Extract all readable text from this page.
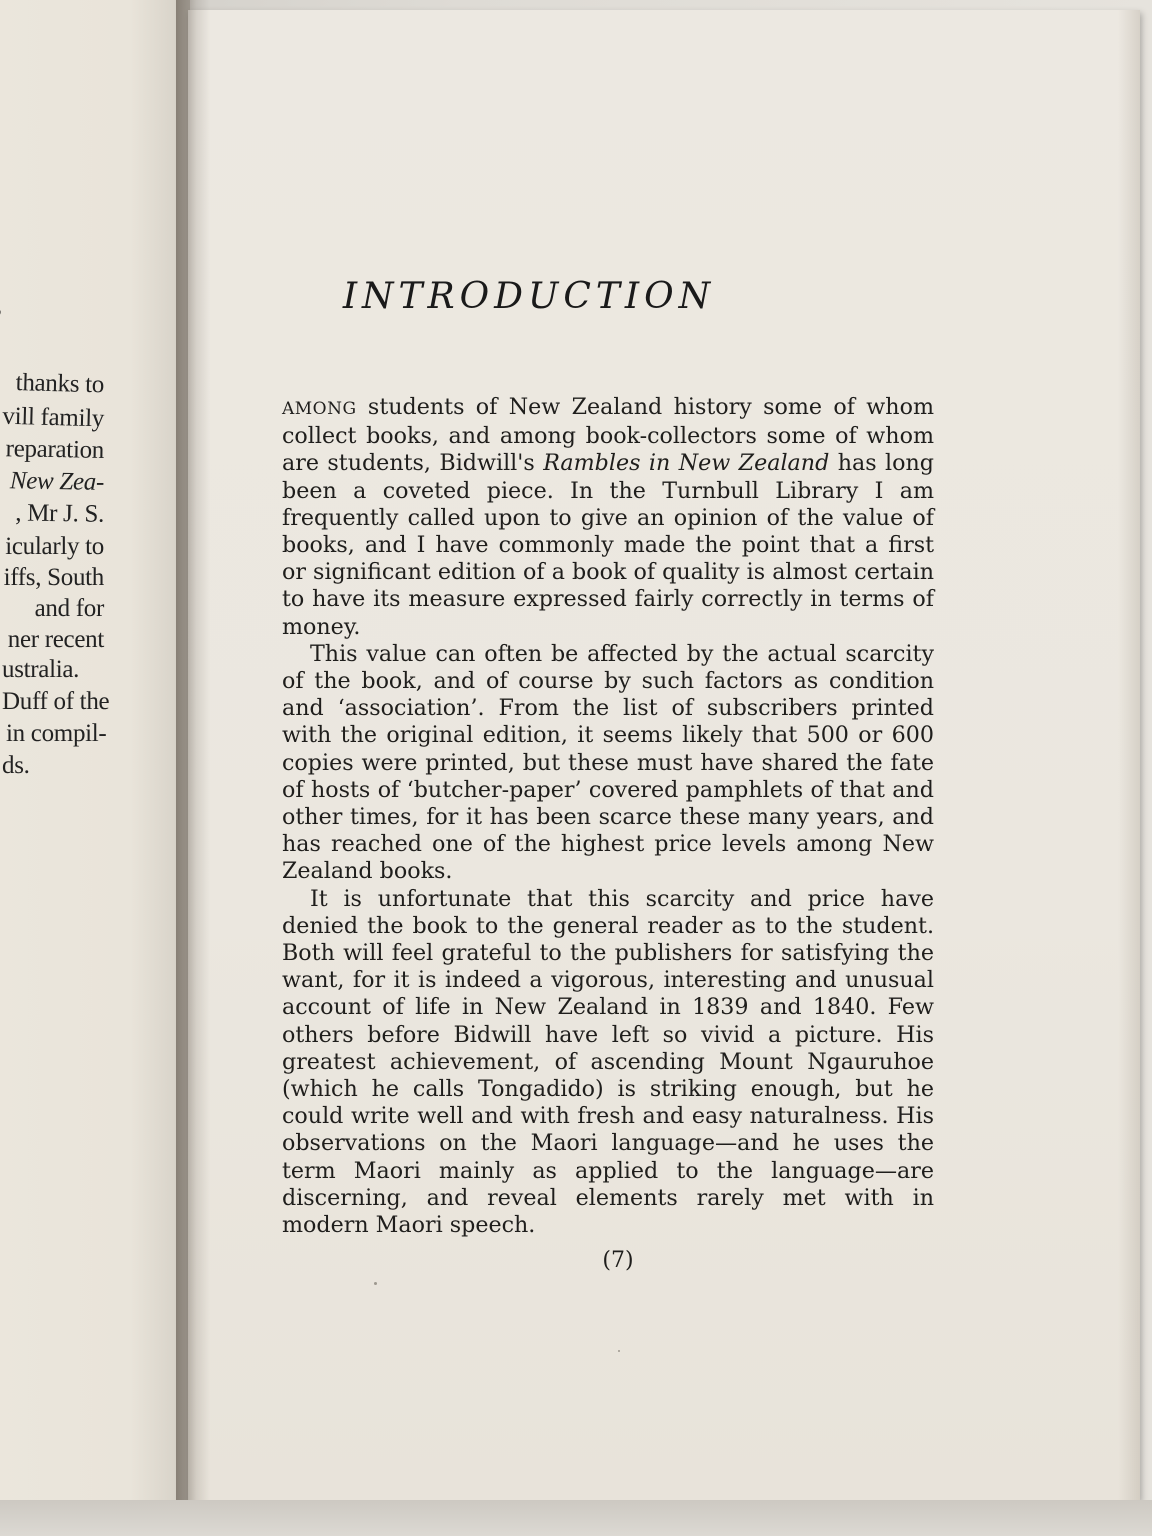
thanks to
vill family
reparation
New Zea-
, Mr J. S.
icularly to
iffs, South
and for
ner recent
ustralia.
Duff of the
in compil-
ds.
INTRODUCTION

AMONG students of New Zealand history some of whom collect books, and among book-collectors some of whom are students, Bidwill's Rambles in New Zealand has long been a coveted piece. In the Turnbull Library I am frequently called upon to give an opinion of the value of books, and I have commonly made the point that a first or significant edition of a book of quality is almost certain to have its measure expressed fairly correctly in terms of money.

This value can often be affected by the actual scarcity of the book, and of course by such factors as condition and ‘association’. From the list of subscribers printed with the original edition, it seems likely that 500 or 600 copies were printed, but these must have shared the fate of hosts of ‘butcher-paper’ covered pamphlets of that and other times, for it has been scarce these many years, and has reached one of the highest price levels among New Zealand books.

It is unfortunate that this scarcity and price have denied the book to the general reader as to the student. Both will feel grateful to the publishers for satisfying the want, for it is indeed a vigorous, interesting and unusual account of life in New Zealand in 1839 and 1840. Few others before Bidwill have left so vivid a picture. His greatest achievement, of ascending Mount Ngauruhoe (which he calls Tongadido) is striking enough, but he could write well and with fresh and easy naturalness. His observations on the Maori language—and he uses the term Maori mainly as applied to the language—are discerning, and reveal elements rarely met with in modern Maori speech.

(7)
